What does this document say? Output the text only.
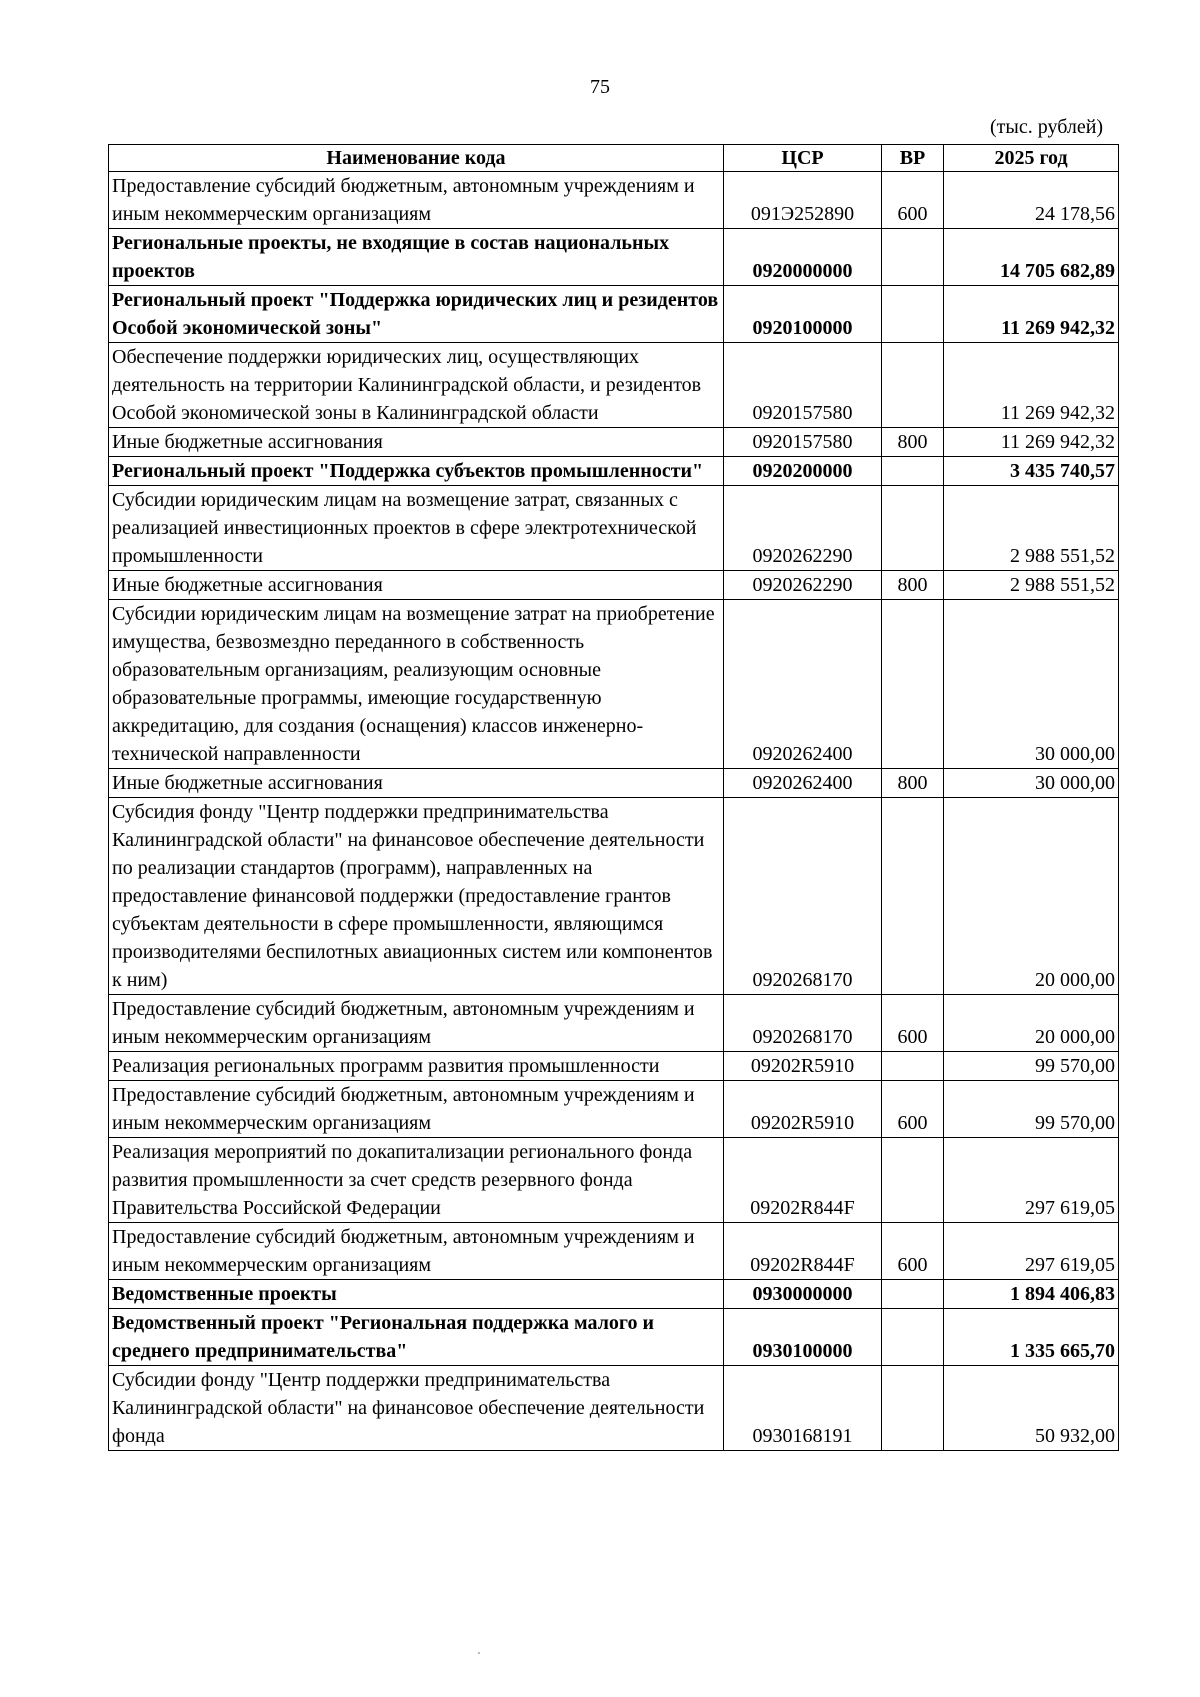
75
(тыс. рублей)
Наименование кода	ЦСР	ВР	2025 год
Предоставление субсидий бюджетным, автономным учреждениям и иным некоммерческим организациям	091Э252890	600	24 178,56
Региональные проекты, не входящие в состав национальных проектов	0920000000		14 705 682,89
Региональный проект "Поддержка юридических лиц и резидентов Особой экономической зоны"	0920100000		11 269 942,32
Обеспечение поддержки юридических лиц, осуществляющих деятельность на территории Калининградской области, и резидентов Особой экономической зоны в Калининградской области	0920157580		11 269 942,32
Иные бюджетные ассигнования	0920157580	800	11 269 942,32
Региональный проект "Поддержка субъектов промышленности"	0920200000		3 435 740,57
Субсидии юридическим лицам на возмещение затрат, связанных с реализацией инвестиционных проектов в сфере электротехнической промышленности	0920262290		2 988 551,52
Иные бюджетные ассигнования	0920262290	800	2 988 551,52
Субсидии юридическим лицам на возмещение затрат на приобретение имущества, безвозмездно переданного в собственность образовательным организациям, реализующим основные образовательные программы, имеющие государственную аккредитацию, для создания (оснащения) классов инженерно-технической направленности	0920262400		30 000,00
Иные бюджетные ассигнования	0920262400	800	30 000,00
Субсидия фонду "Центр поддержки предпринимательства Калининградской области" на финансовое обеспечение деятельности по реализации стандартов (программ), направленных на предоставление финансовой поддержки (предоставление грантов субъектам деятельности в сфере промышленности, являющимся производителями беспилотных авиационных систем или компонентов к ним)	0920268170		20 000,00
Предоставление субсидий бюджетным, автономным учреждениям и иным некоммерческим организациям	0920268170	600	20 000,00
Реализация региональных программ развития промышленности	09202R5910		99 570,00
Предоставление субсидий бюджетным, автономным учреждениям и иным некоммерческим организациям	09202R5910	600	99 570,00
Реализация мероприятий по докапитализации регионального фонда развития промышленности за счет средств резервного фонда Правительства Российской Федерации	09202R844F		297 619,05
Предоставление субсидий бюджетным, автономным учреждениям и иным некоммерческим организациям	09202R844F	600	297 619,05
Ведомственные проекты	0930000000		1 894 406,83
Ведомственный проект "Региональная поддержка малого и среднего предпринимательства"	0930100000		1 335 665,70
Субсидии фонду "Центр поддержки предпринимательства Калининградской области" на финансовое обеспечение деятельности фонда	0930168191		50 932,00
